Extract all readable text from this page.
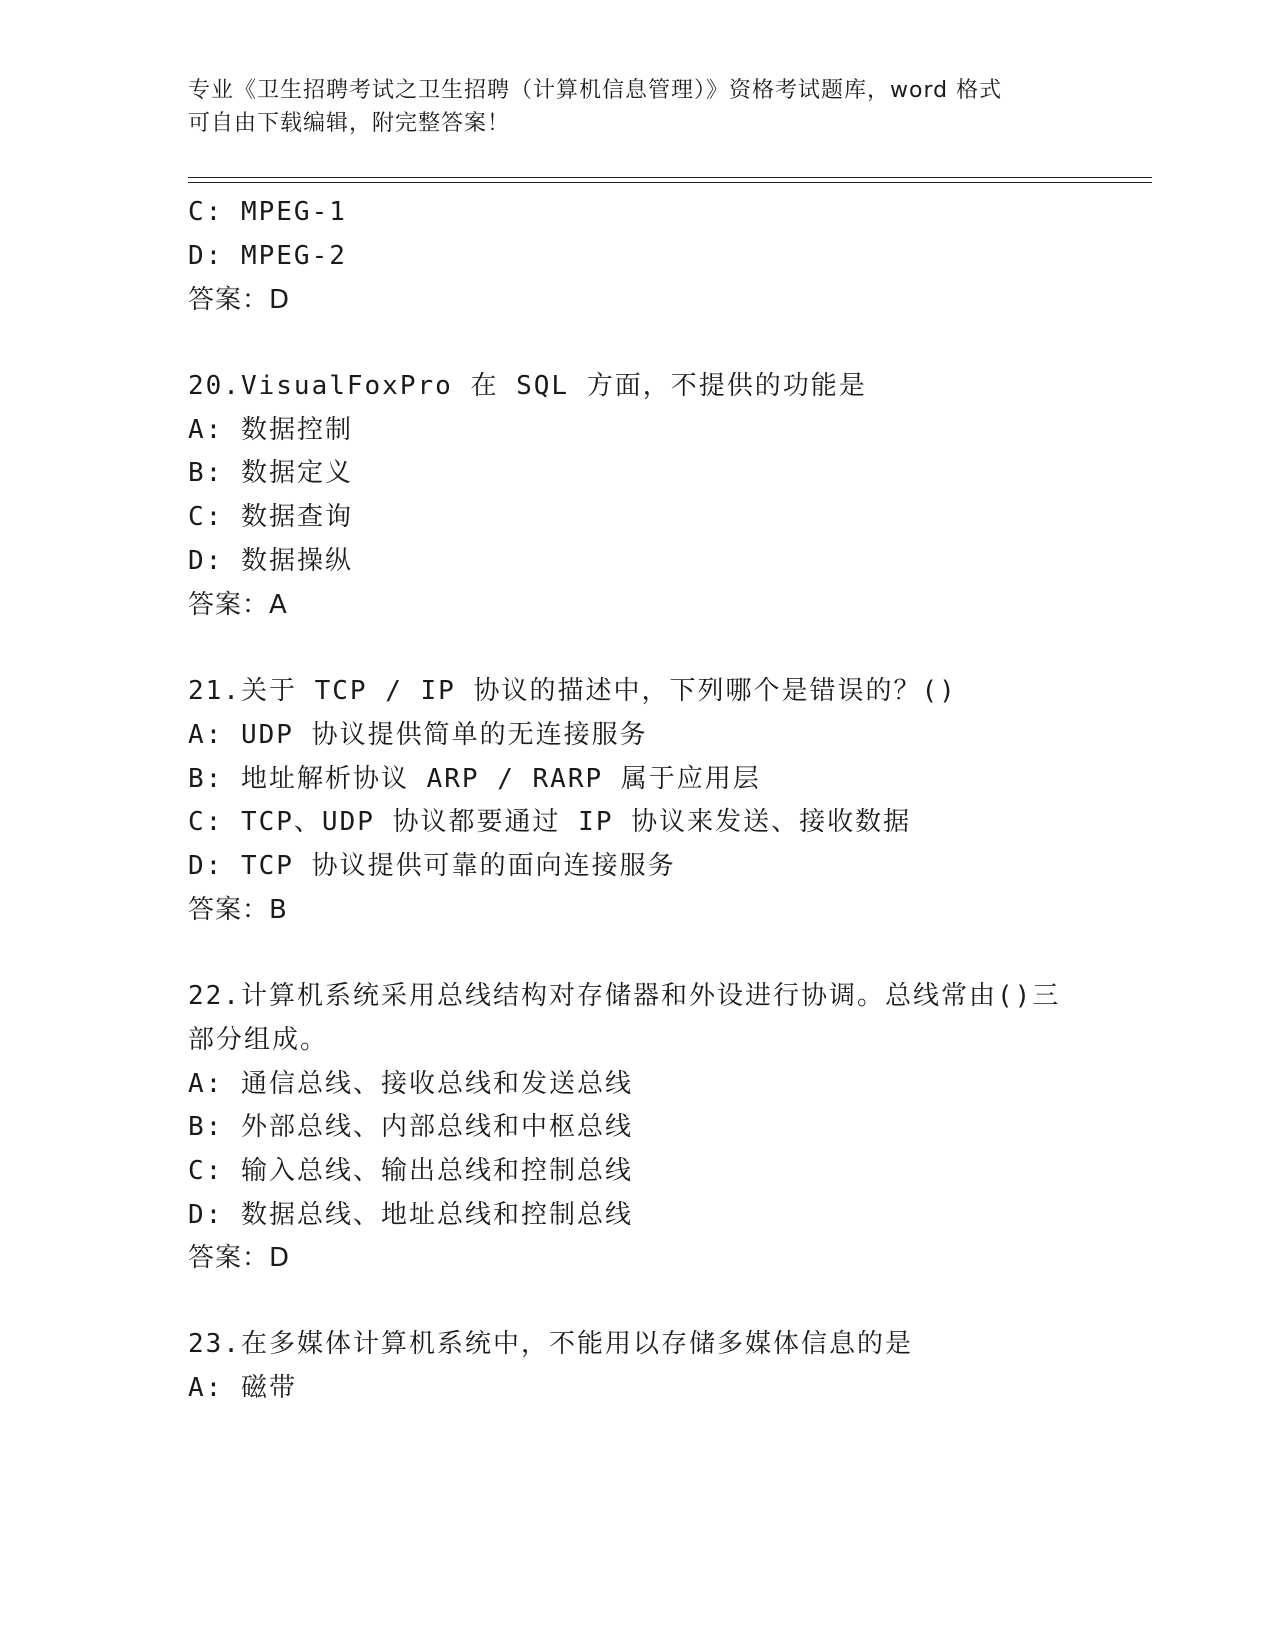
专业《卫生招聘考试之卫生招聘（计算机信息管理）》资格考试题库，word 格式
可自由下载编辑，附完整答案！
C: MPEG-1
D: MPEG-2
答案：D
20.VisualFoxPro 在 SQL 方面，不提供的功能是
A: 数据控制
B: 数据定义
C: 数据查询
D: 数据操纵
答案：A
21.关于 TCP / IP 协议的描述中，下列哪个是错误的？()
A: UDP 协议提供简单的无连接服务
B: 地址解析协议 ARP / RARP 属于应用层
C: TCP、UDP 协议都要通过 IP 协议来发送、接收数据
D: TCP 协议提供可靠的面向连接服务
答案：B
22.计算机系统采用总线结构对存储器和外设进行协调。总线常由()三
部分组成。
A: 通信总线、接收总线和发送总线
B: 外部总线、内部总线和中枢总线
C: 输入总线、输出总线和控制总线
D: 数据总线、地址总线和控制总线
答案：D
23.在多媒体计算机系统中，不能用以存储多媒体信息的是
A: 磁带
